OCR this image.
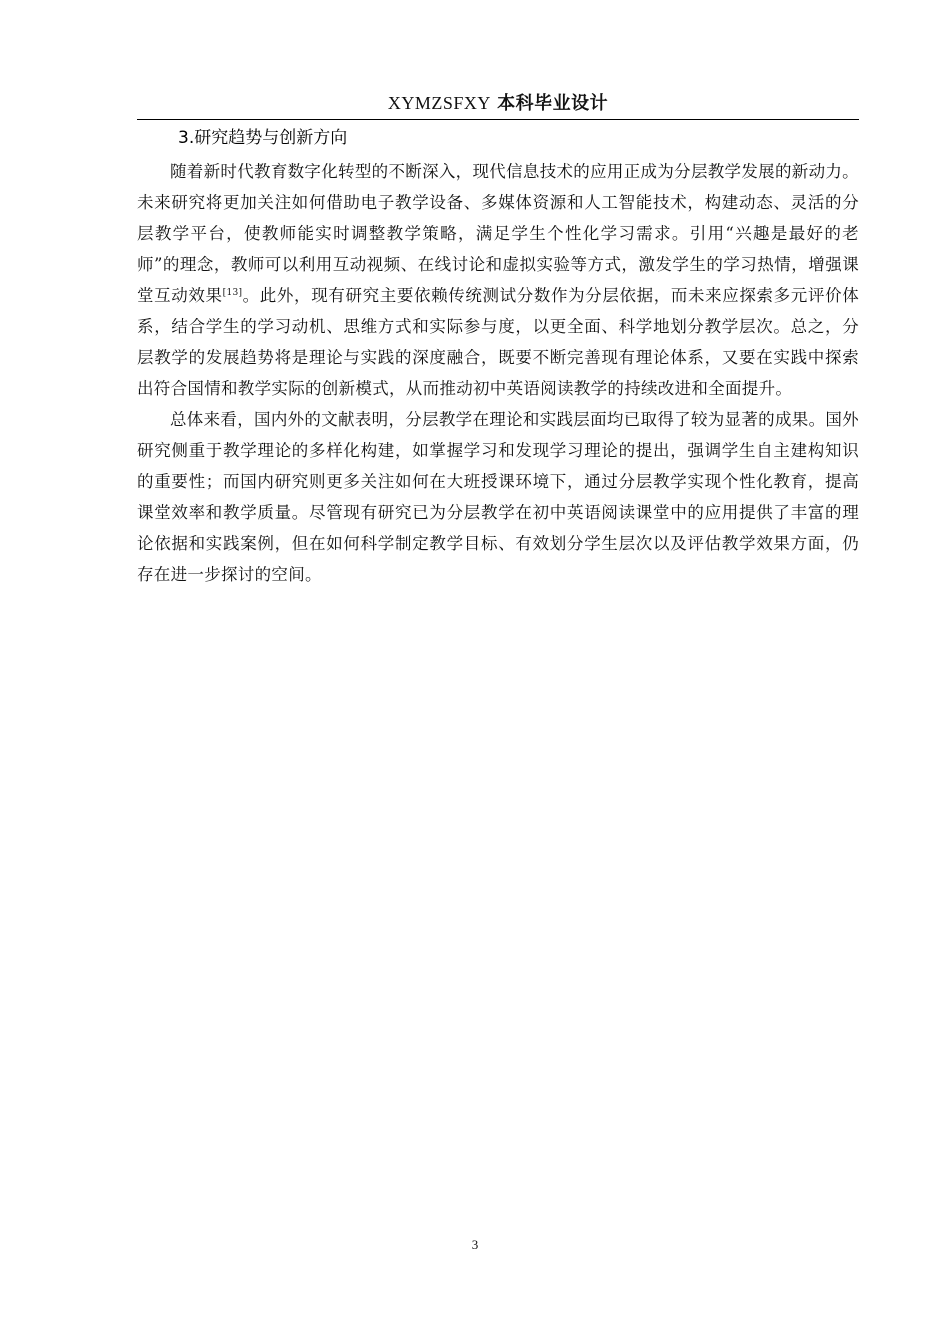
XYMZSFXY 本科毕业设计
3.研究趋势与创新方向

随着新时代教育数字化转型的不断深入，现代信息技术的应用正成为分层教学发展的新动力。未来研究将更加关注如何借助电子教学设备、多媒体资源和人工智能技术，构建动态、灵活的分层教学平台，使教师能实时调整教学策略，满足学生个性化学习需求。引用“兴趣是最好的老师”的理念，教师可以利用互动视频、在线讨论和虚拟实验等方式，激发学生的学习热情，增强课堂互动效果[13]。此外，现有研究主要依赖传统测试分数作为分层依据，而未来应探索多元评价体系，结合学生的学习动机、思维方式和实际参与度，以更全面、科学地划分教学层次。总之，分层教学的发展趋势将是理论与实践的深度融合，既要不断完善现有理论体系，又要在实践中探索出符合国情和教学实际的创新模式，从而推动初中英语阅读教学的持续改进和全面提升。

总体来看，国内外的文献表明，分层教学在理论和实践层面均已取得了较为显著的成果。国外研究侧重于教学理论的多样化构建，如掌握学习和发现学习理论的提出，强调学生自主建构知识的重要性；而国内研究则更多关注如何在大班授课环境下，通过分层教学实现个性化教育，提高课堂效率和教学质量。尽管现有研究已为分层教学在初中英语阅读课堂中的应用提供了丰富的理论依据和实践案例，但在如何科学制定教学目标、有效划分学生层次以及评估教学效果方面，仍存在进一步探讨的空间。

3
